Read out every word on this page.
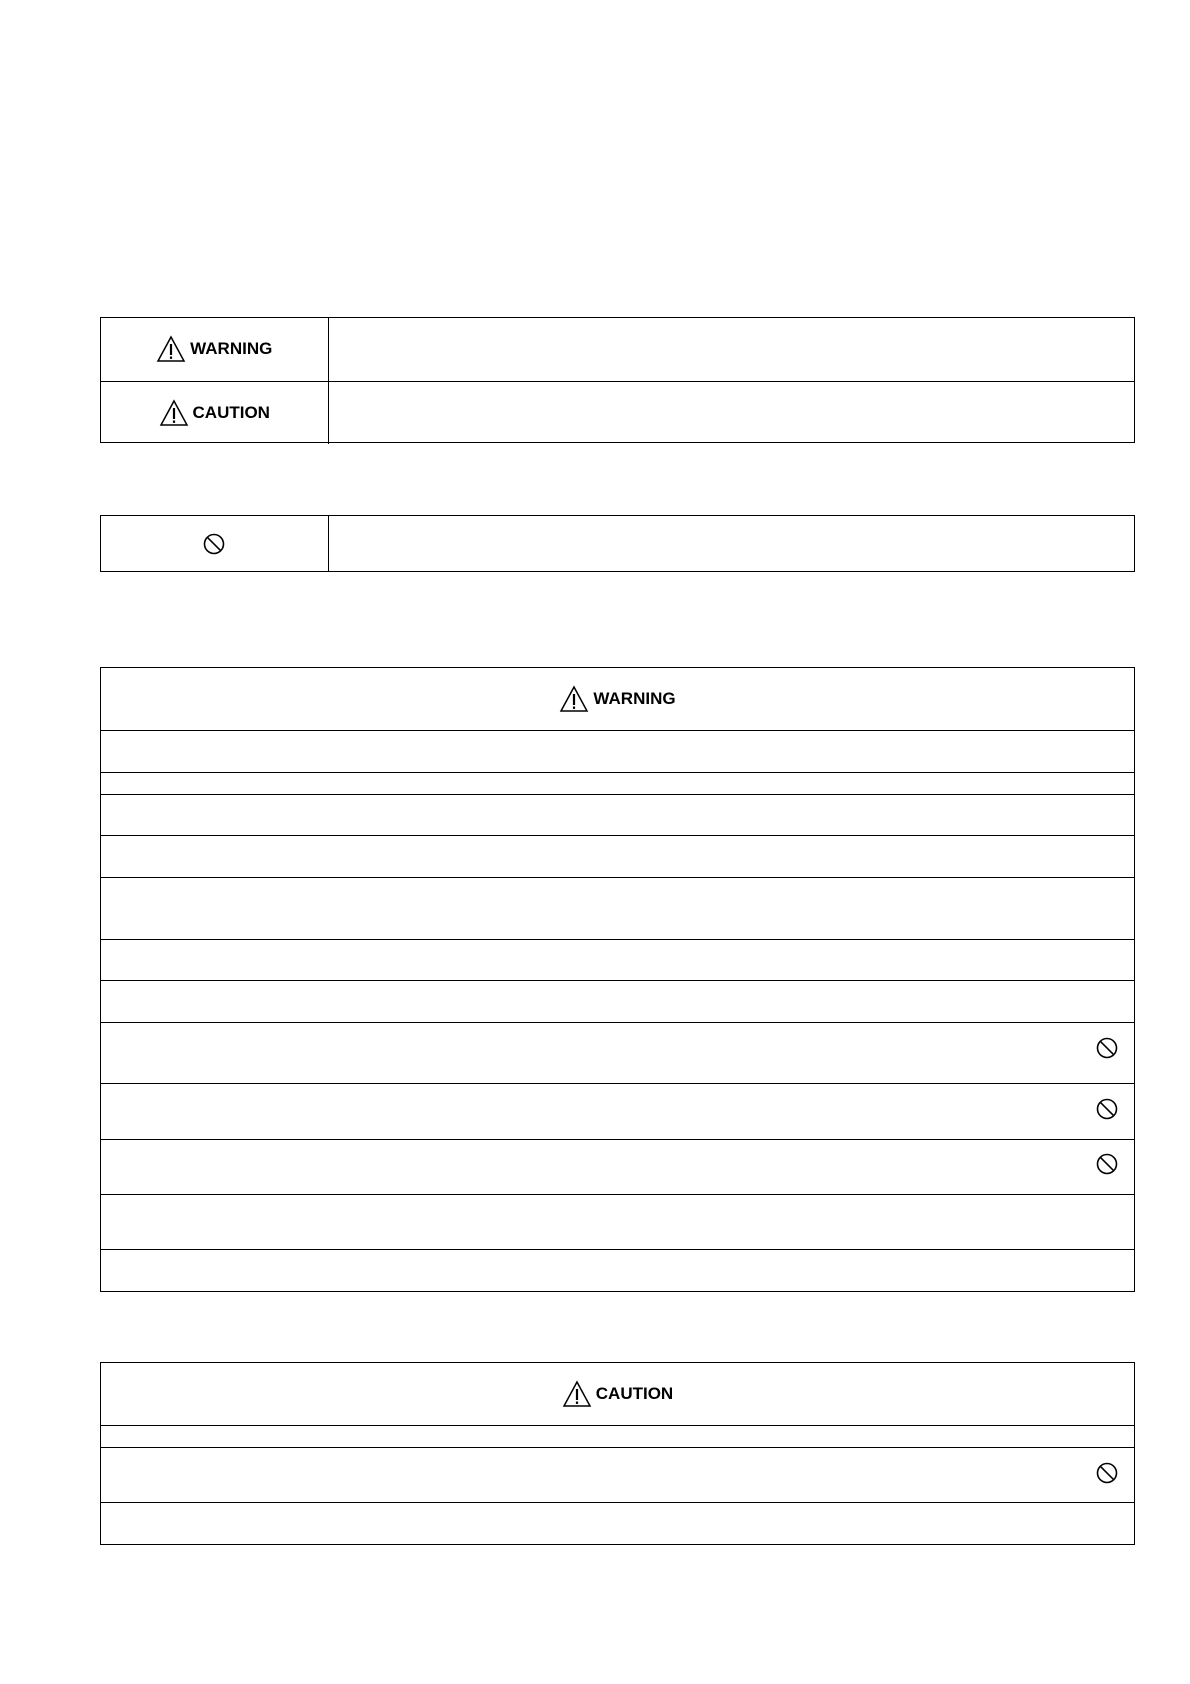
WARNING	

CAUTION	

WARNING

CAUTION
